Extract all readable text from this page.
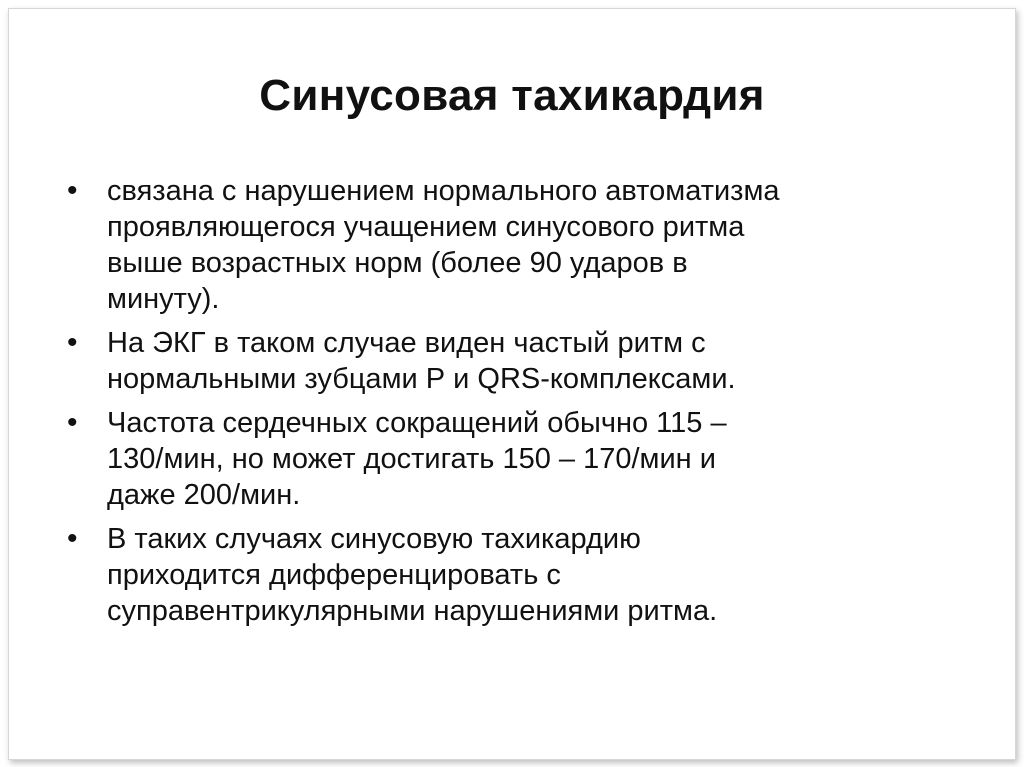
Синусовая тахикардия
•	связана с нарушением нормального автоматизма
проявляющегося учащением синусового ритма
выше возрастных норм (более 90 ударов в
минуту).
•	На ЭКГ в таком случае виден частый ритм с
нормальными зубцами Р и QRS-комплексами.
•	Частота сердечных сокращений обычно 115 –
130/мин, но может достигать 150 – 170/мин и
даже 200/мин.
•	В таких случаях синусовую тахикардию
приходится дифференцировать с
суправентрикулярными нарушениями ритма.
